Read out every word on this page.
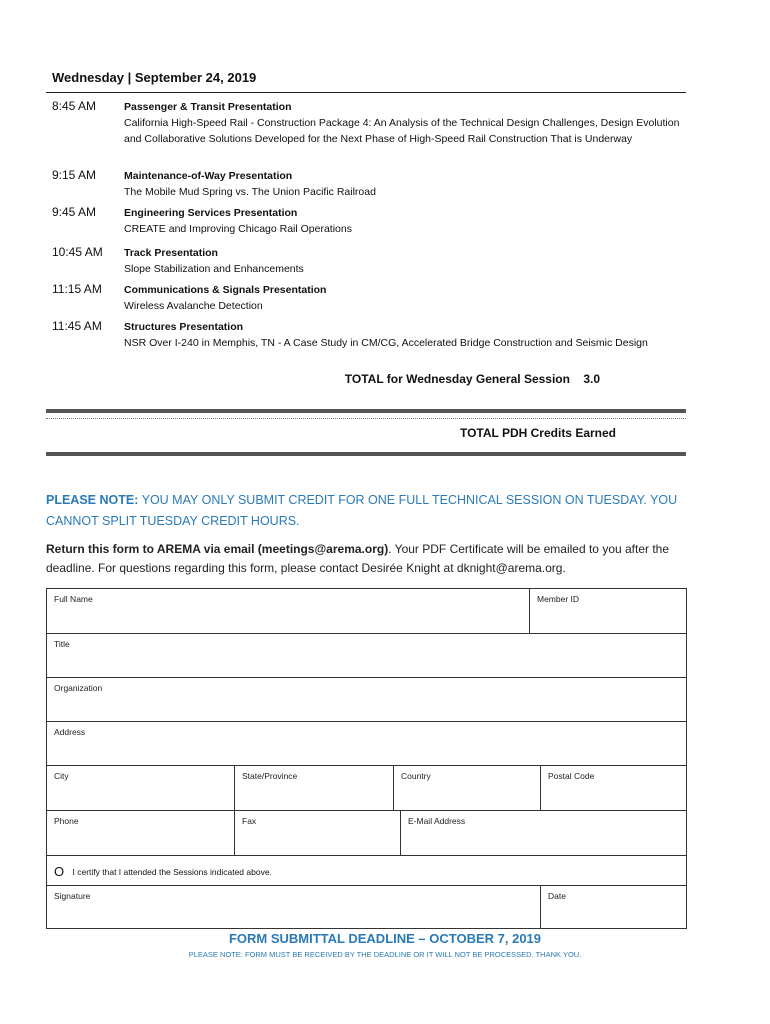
Wednesday | September 24, 2019
8:45 AM	Passenger & Transit Presentation
California High-Speed Rail - Construction Package 4: An Analysis of the Technical Design Challenges, Design Evolution and Collaborative Solutions Developed for the Next Phase of High-Speed Rail Construction That is Underway
9:15 AM	Maintenance-of-Way Presentation
The Mobile Mud Spring vs. The Union Pacific Railroad
9:45 AM	Engineering Services Presentation
CREATE and Improving Chicago Rail Operations
10:45 AM Track Presentation
Slope Stabilization and Enhancements
11:15 AM Communications & Signals Presentation
Wireless Avalanche Detection
11:45 AM Structures Presentation
NSR Over I-240 in Memphis, TN - A Case Study in CM/CG, Accelerated Bridge Construction and Seismic Design
TOTAL for Wednesday General Session 3.0
TOTAL PDH Credits Earned
PLEASE NOTE: YOU MAY ONLY SUBMIT CREDIT FOR ONE FULL TECHNICAL SESSION ON TUESDAY. YOU CANNOT SPLIT TUESDAY CREDIT HOURS.
Return this form to AREMA via email (meetings@arema.org). Your PDF Certificate will be emailed to you after the deadline. For questions regarding this form, please contact Desirée Knight at dknight@arema.org.
Full Name	Member ID
Title
Organization
Address
City	State/Province	Country	Postal Code
Phone	Fax	E-Mail Address
O I certify that I attended the Sessions indicated above.
Signature	Date
FORM SUBMITTAL DEADLINE – OCTOBER 7, 2019
PLEASE NOTE: FORM MUST BE RECEIVED BY THE DEADLINE OR IT WILL NOT BE PROCESSED. THANK YOU.
